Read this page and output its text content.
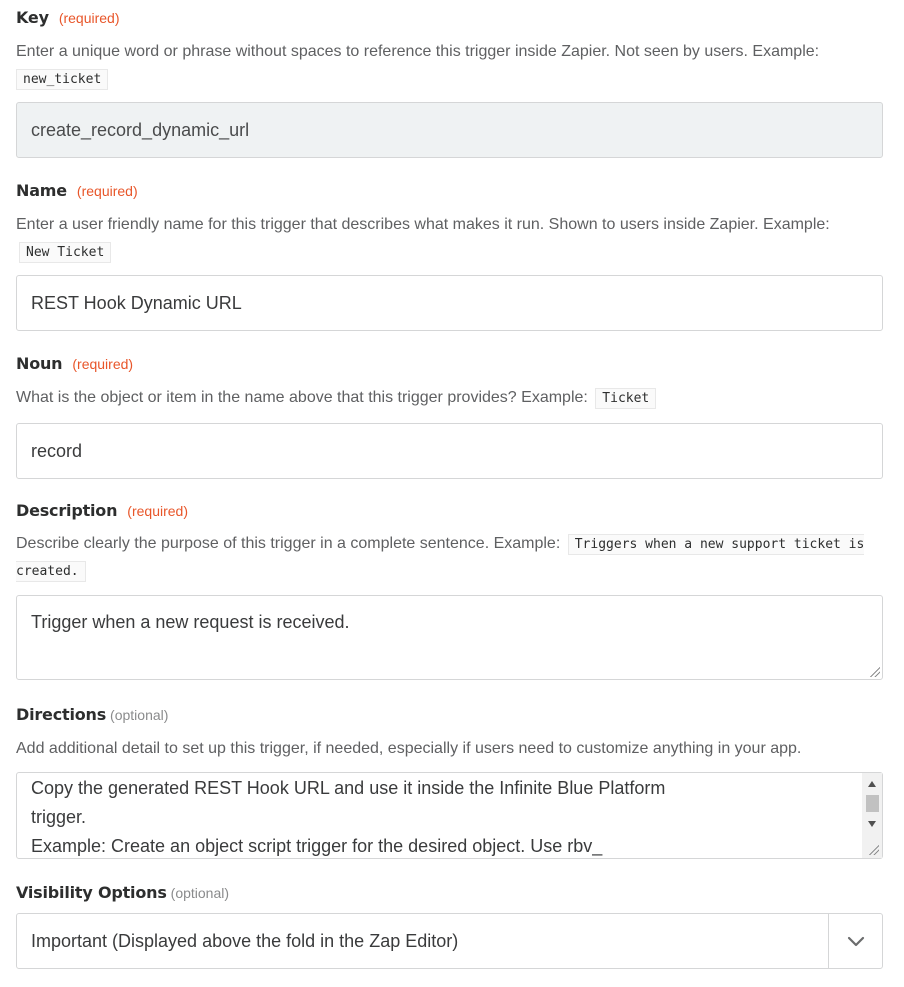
Key (required)
Enter a unique word or phrase without spaces to reference this trigger inside Zapier. Not seen by users. Example:
new_ticket
create_record_dynamic_url
Name (required)
Enter a user friendly name for this trigger that describes what makes it run. Shown to users inside Zapier. Example: New Ticket
REST Hook Dynamic URL
Noun (required)
What is the object or item in the name above that this trigger provides? Example: Ticket
record
Description (required)
Describe clearly the purpose of this trigger in a complete sentence. Example: Triggers when a new support ticket is created.
Trigger when a new request is received.
Directions (optional)
Add additional detail to set up this trigger, if needed, especially if users need to customize anything in your app.
Copy the generated REST Hook URL and use it inside the Infinite Blue Platform
trigger.
Example: Create an object script trigger for the desired object. Use rbv_
Visibility Options (optional)
Important (Displayed above the fold in the Zap Editor)
